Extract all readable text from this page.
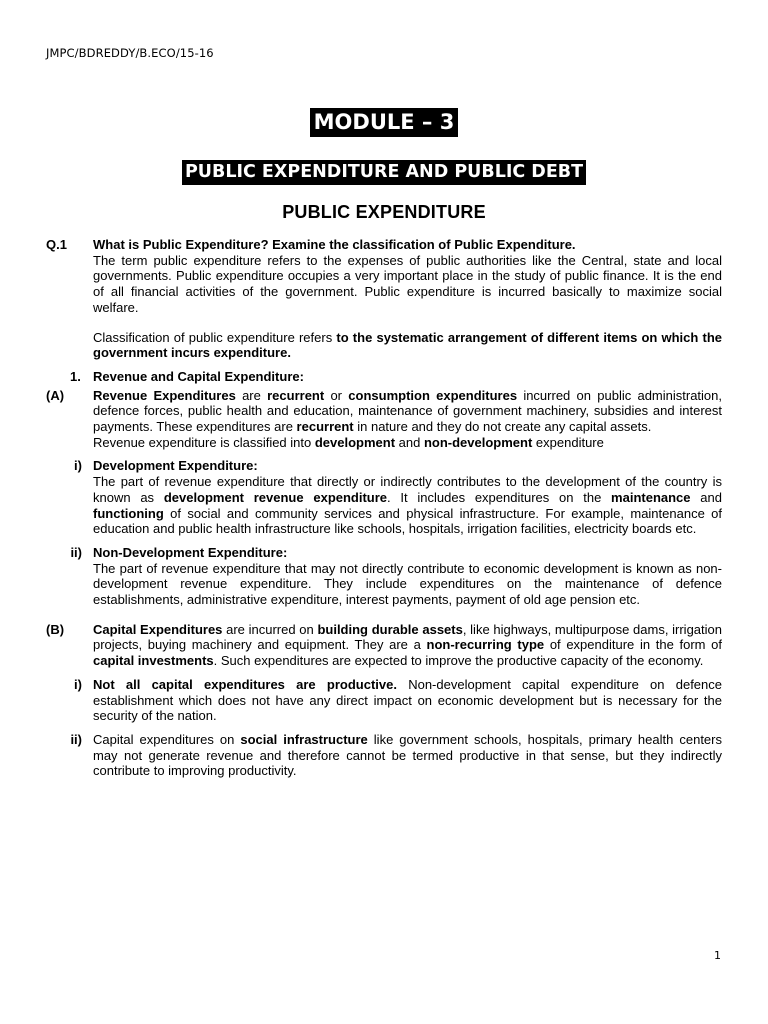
JMPC/BDREDDY/B.ECO/15-16
MODULE – 3
PUBLIC EXPENDITURE AND PUBLIC DEBT
PUBLIC EXPENDITURE
Q.1	What is Public Expenditure? Examine the classification of Public Expenditure.

The term public expenditure refers to the expenses of public authorities like the Central, state and local governments. Public expenditure occupies a very important place in the study of public finance. It is the end of all financial activities of the government. Public expenditure is incurred basically to maximize social welfare.

Classification of public expenditure refers to the systematic arrangement of different items on which the government incurs expenditure.

1. Revenue and Capital Expenditure:
(A)	Revenue Expenditures are recurrent or consumption expenditures incurred on public administration, defence forces, public health and education, maintenance of government machinery, subsidies and interest payments. These expenditures are recurrent in nature and they do not create any capital assets.

Revenue expenditure is classified into development and non-development expenditure

i) Development Expenditure:

The part of revenue expenditure that directly or indirectly contributes to the development of the country is known as development revenue expenditure. It includes expenditures on the maintenance and functioning of social and community services and physical infrastructure. For example, maintenance of education and public health infrastructure like schools, hospitals, irrigation facilities, electricity boards etc.

ii) Non-Development Expenditure:

The part of revenue expenditure that may not directly contribute to economic development is known as non-development revenue expenditure. They include expenditures on the maintenance of defence establishments, administrative expenditure, interest payments, payment of old age pension etc.

(B)	Capital Expenditures are incurred on building durable assets, like highways, multipurpose dams, irrigation projects, buying machinery and equipment. They are a non-recurring type of expenditure in the form of capital investments. Such expenditures are expected to improve the productive capacity of the economy.

i) Not all capital expenditures are productive. Non-development capital expenditure on defence establishment which does not have any direct impact on economic development but is necessary for the security of the nation.

ii) Capital expenditures on social infrastructure like government schools, hospitals, primary health centers may not generate revenue and therefore cannot be termed productive in that sense, but they indirectly contribute to improving productivity.

1
